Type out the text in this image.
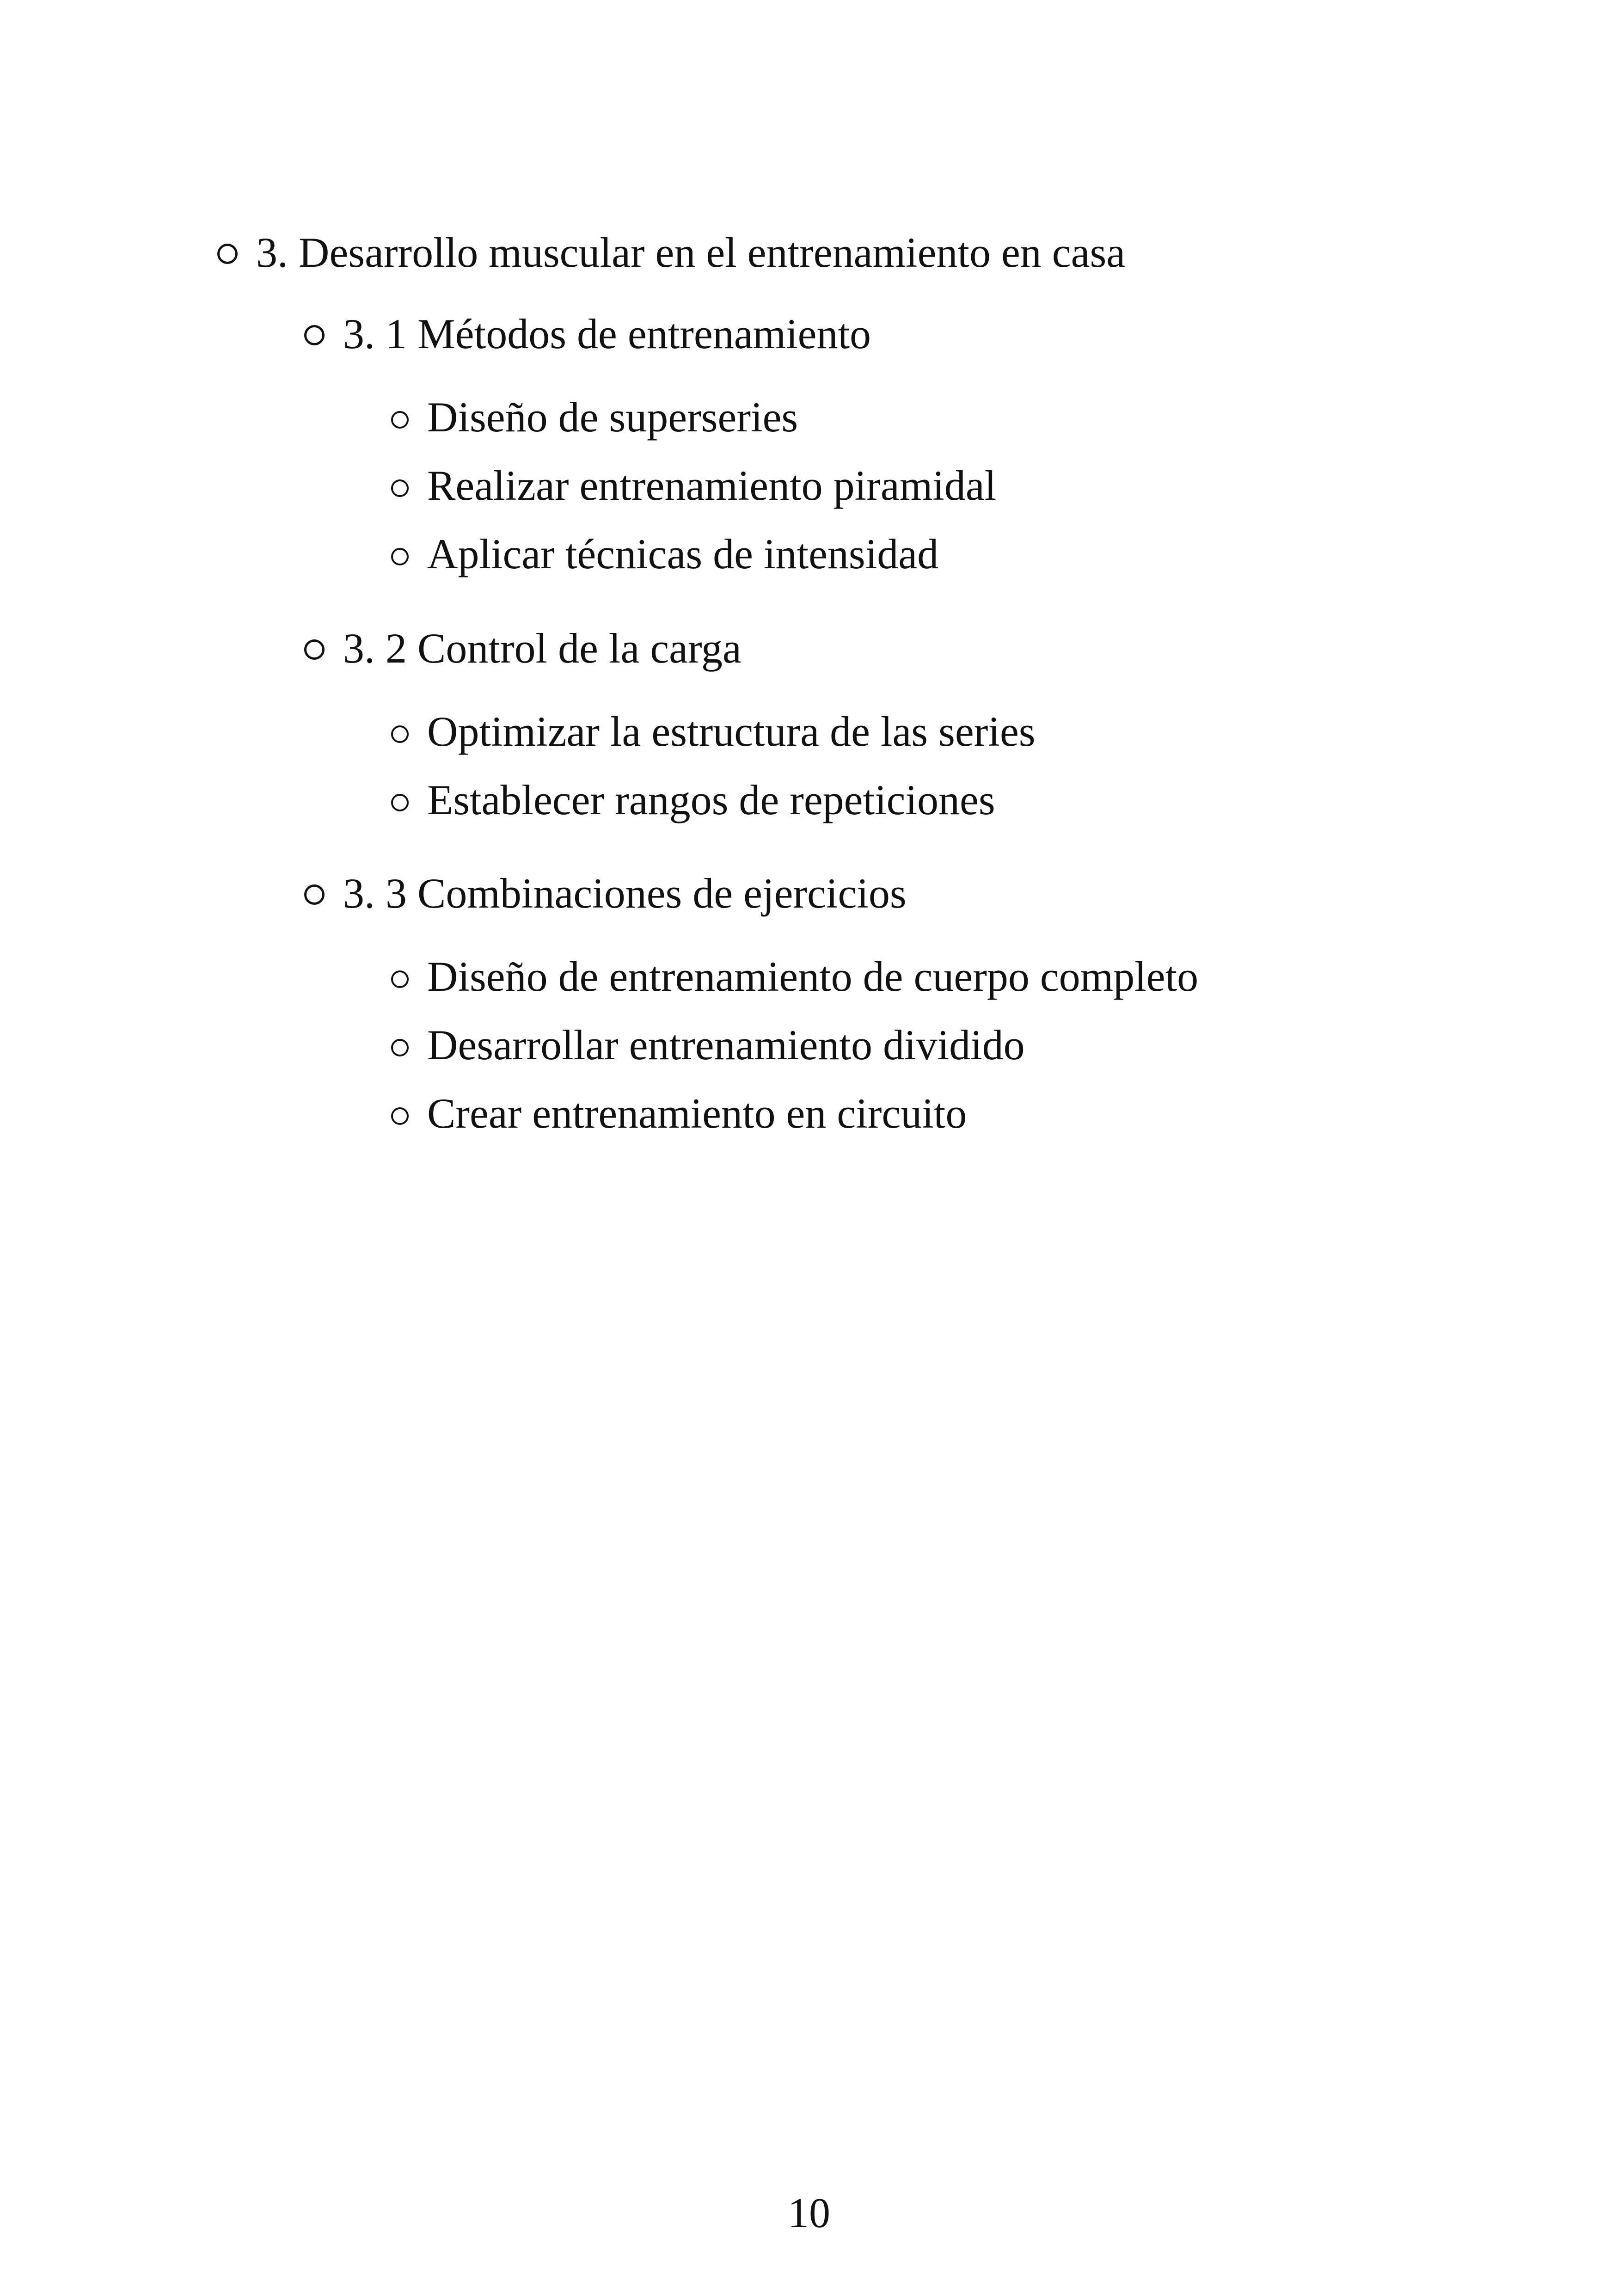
3. Desarrollo muscular en el entrenamiento en casa
3. 1 Métodos de entrenamiento
Diseño de superseries
Realizar entrenamiento piramidal
Aplicar técnicas de intensidad
3. 2 Control de la carga
Optimizar la estructura de las series
Establecer rangos de repeticiones
3. 3 Combinaciones de ejercicios
Diseño de entrenamiento de cuerpo completo
Desarrollar entrenamiento dividido
Crear entrenamiento en circuito
10
